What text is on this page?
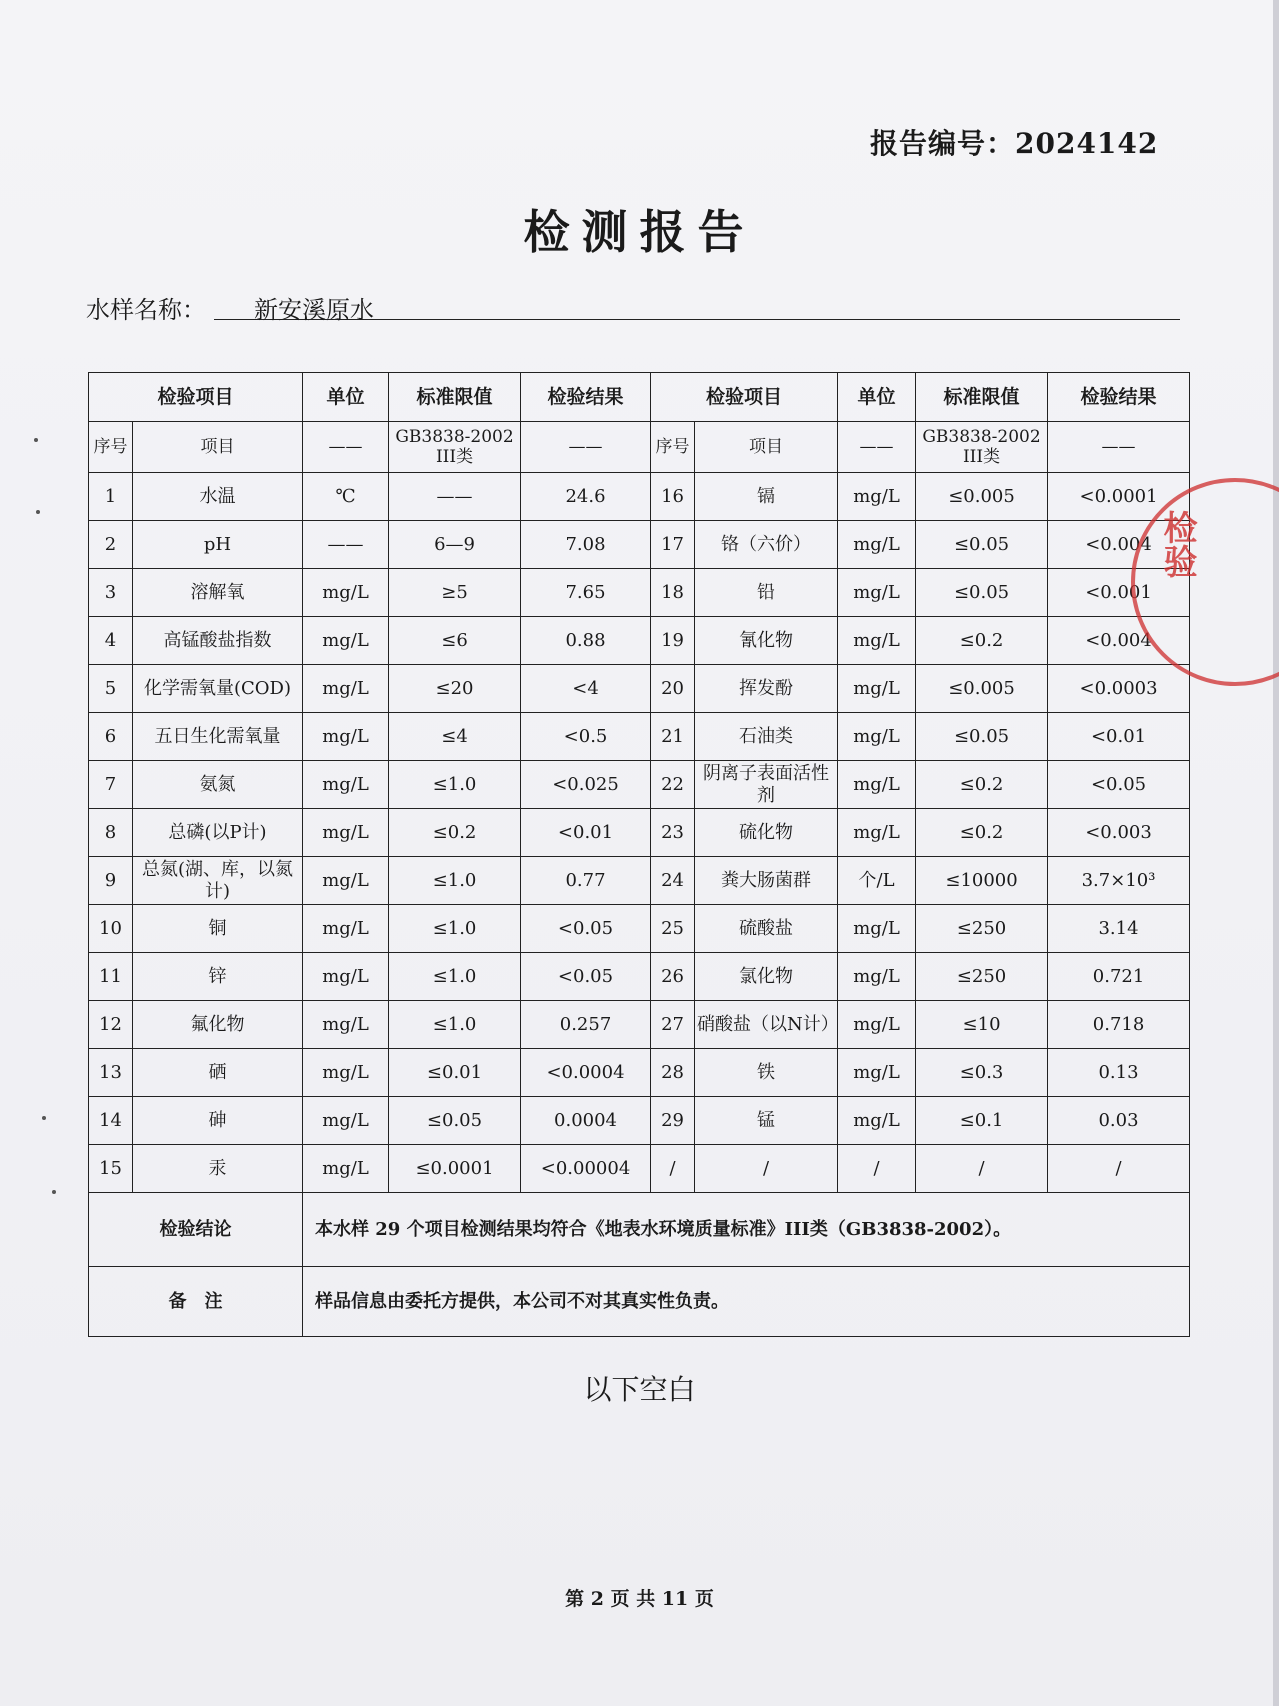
报告编号：2024142
检测报告
水样名称：	新安溪原水
检验项目		单位	标准限值	检验结果	检验项目		单位	标准限值	检验结果
序号	项目	——	GB3838-2002 III类	——	序号	项目	——	GB3838-2002 III类	——
1	水温	℃	——	24.6	16	镉	mg/L	≤0.005	<0.0001
2	pH	——	6—9	7.08	17	铬（六价）	mg/L	≤0.05	<0.004
3	溶解氧	mg/L	≥5	7.65	18	铅	mg/L	≤0.05	<0.001
4	高锰酸盐指数	mg/L	≤6	0.88	19	氰化物	mg/L	≤0.2	<0.004
5	化学需氧量(COD)	mg/L	≤20	<4	20	挥发酚	mg/L	≤0.005	<0.0003
6	五日生化需氧量	mg/L	≤4	<0.5	21	石油类	mg/L	≤0.05	<0.01
7	氨氮	mg/L	≤1.0	<0.025	22	阴离子表面活性剂	mg/L	≤0.2	<0.05
8	总磷(以P计)	mg/L	≤0.2	<0.01	23	硫化物	mg/L	≤0.2	<0.003
9	总氮(湖、库，以氮计)	mg/L	≤1.0	0.77	24	粪大肠菌群	个/L	≤10000	3.7×10³
10	铜	mg/L	≤1.0	<0.05	25	硫酸盐	mg/L	≤250	3.14
11	锌	mg/L	≤1.0	<0.05	26	氯化物	mg/L	≤250	0.721
12	氟化物	mg/L	≤1.0	0.257	27	硝酸盐（以N计）	mg/L	≤10	0.718
13	硒	mg/L	≤0.01	<0.0004	28	铁	mg/L	≤0.3	0.13
14	砷	mg/L	≤0.05	0.0004	29	锰	mg/L	≤0.1	0.03
15	汞	mg/L	≤0.0001	<0.00004	/	/	/	/	/
检验结论		本水样 29 个项目检测结果均符合《地表水环境质量标准》III类（GB3838-2002）。							
备　注		样品信息由委托方提供，本公司不对其真实性负责。							
以下空白
第 2 页 共 11 页
检验
